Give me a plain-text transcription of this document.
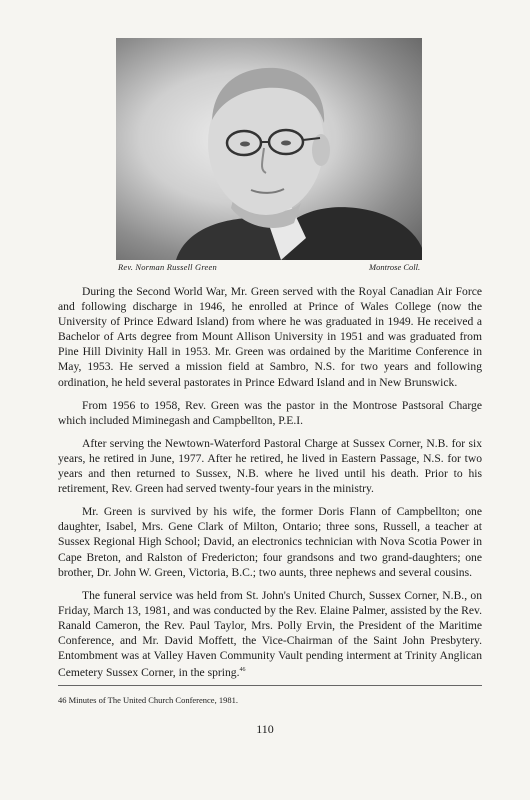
Rev. Norman Russell Green	Montrose Coll.

During the Second World War, Mr. Green served with the Royal Canadian Air Force and following discharge in 1946, he enrolled at Prince of Wales College (now the University of Prince Edward Island) from where he was graduated in 1949. He received a Bachelor of Arts degree from Mount Allison University in 1951 and was graduated from Pine Hill Divinity Hall in 1953. Mr. Green was ordained by the Maritime Conference in May, 1953. He served a mission field at Sambro, N.S. for two years and following ordination, he held several pastorates in Prince Edward Island and in New Brunswick.

From 1956 to 1958, Rev. Green was the pastor in the Montrose Pastsoral Charge which included Miminegash and Campbellton, P.E.I.

After serving the Newtown-Waterford Pastoral Charge at Sussex Corner, N.B. for six years, he retired in June, 1977. After he retired, he lived in Eastern Passage, N.S. for two years and then returned to Sussex, N.B. where he lived until his death. Prior to his retirement, Rev. Green had served twenty-four years in the ministry.

Mr. Green is survived by his wife, the former Doris Flann of Campbellton; one daughter, Isabel, Mrs. Gene Clark of Milton, Ontario; three sons, Russell, a teacher at Sussex Regional High School; David, an electronics technician with Nova Scotia Power in Cape Breton, and Ralston of Fredericton; four grandsons and two grand-daughters; one brother, Dr. John W. Green, Victoria, B.C.; two aunts, three nephews and several cousins.

The funeral service was held from St. John's United Church, Sussex Corner, N.B., on Friday, March 13, 1981, and was conducted by the Rev. Elaine Palmer, assisted by the Rev. Ranald Cameron, the Rev. Paul Taylor, Mrs. Polly Ervin, the President of the Maritime Conference, and Mr. David Moffett, the Vice-Chairman of the Saint John Presbytery. Entombment was at Valley Haven Community Vault pending interment at Trinity Anglican Cemetery Sussex Corner, in the spring.$^{46}$

46 Minutes of The United Church Conference, 1981.
110
